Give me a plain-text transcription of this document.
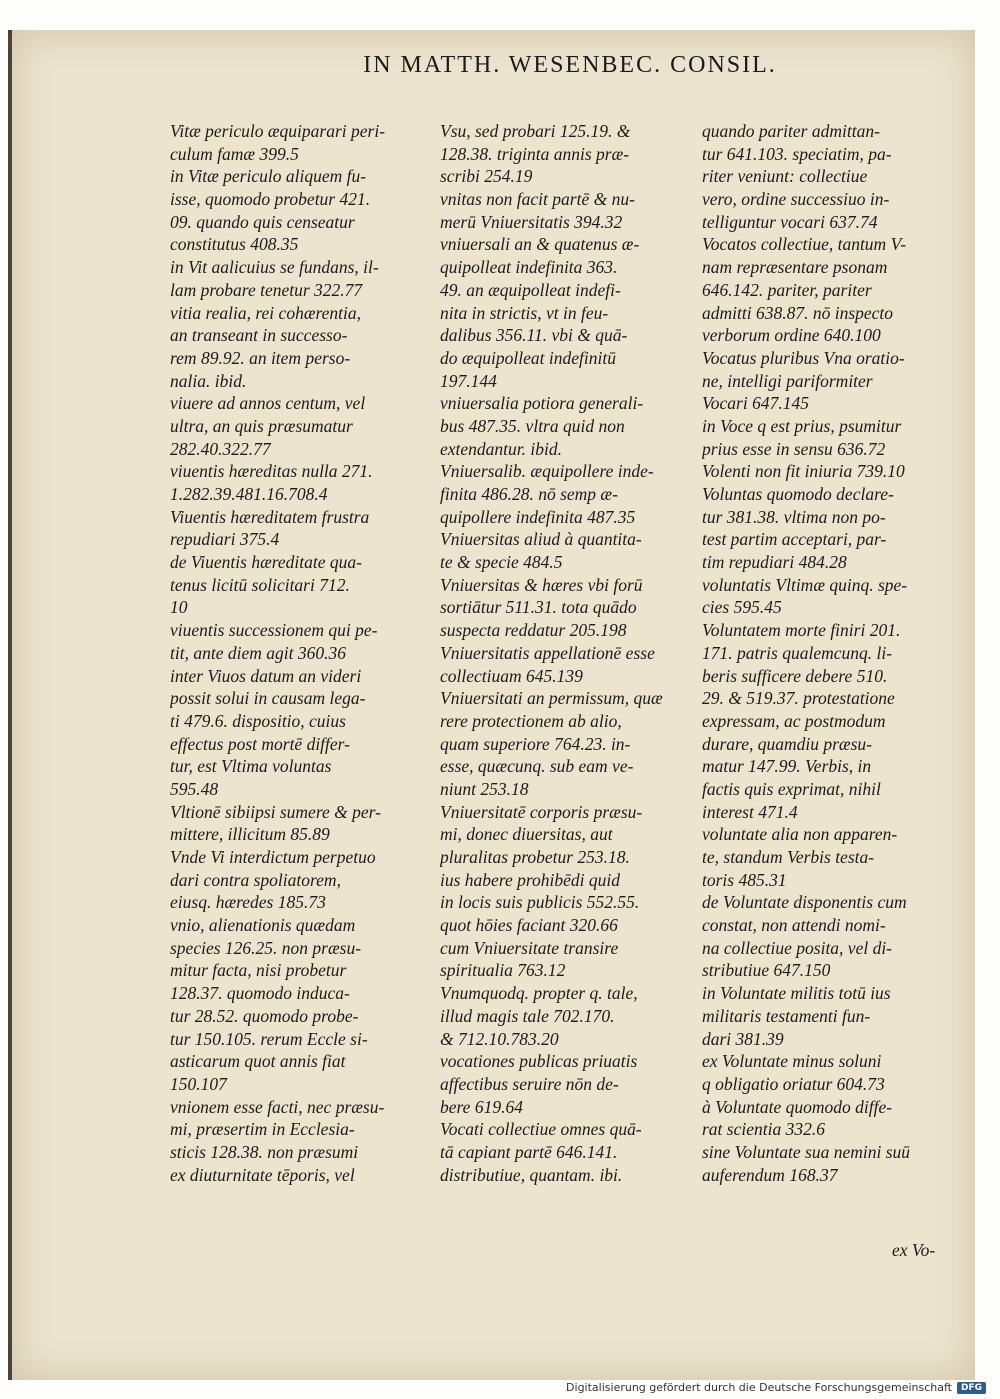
IN MATTH. WESENBEC. CONSIL.
Vitæ periculo æquiparari peri-
culum famæ 399.5
in Vitæ periculo aliquem fu-
isse, quomodo probetur 421.
09. quando quis censeatur
constitutus 408.35
in Vit aalicuius se fundans, il-
lam probare tenetur 322.77
vitia realia, rei cohærentia,
an transeant in successo-
rem 89.92. an item perso-
nalia. ibid.
viuere ad annos centum, vel
ultra, an quis præsumatur
282.40.322.77
viuentis hæreditas nulla 271.
1.282.39.481.16.708.4
Viuentis hæreditatem frustra
repudiari 375.4
de Viuentis hæreditate qua-
tenus licitū solicitari 712.
10
viuentis successionem qui pe-
tit, ante diem agit 360.36
inter Viuos datum an videri
possit solui in causam lega-
ti 479.6. dispositio, cuius
effectus post mortē differ-
tur, est Vltima voluntas
595.48
Vltionē sibiipsi sumere & per-
mittere, illicitum 85.89
Vnde Vi interdictum perpetuo
dari contra spoliatorem,
eiusq. hæredes 185.73
vnio, alienationis quædam
species 126.25. non præsu-
mitur facta, nisi probetur
128.37. quomodo induca-
tur 28.52. quomodo probe-
tur 150.105. rerum Eccle si-
asticarum quot annis fiat
150.107
vnionem esse facti, nec præsu-
mi, præsertim in Ecclesia-
sticis 128.38. non præsumi
ex diuturnitate tēporis, vel
Vsu, sed probari 125.19. &
128.38. triginta annis præ-
scribi 254.19
vnitas non facit partē & nu-
merū Vniuersitatis 394.32
vniuersali an & quatenus æ-
quipolleat indefinita 363.
49. an æquipolleat indefi-
nita in strictis, vt in feu-
dalibus 356.11. vbi & quā-
do æquipolleat indefinitū
197.144
vniuersalia potiora generali-
bus 487.35. vltra quid non
extendantur. ibid.
Vniuersalib. æquipollere inde-
finita 486.28. nō semp æ-
quipollere indefinita 487.35
Vniuersitas aliud à quantita-
te & specie 484.5
Vniuersitas & hæres vbi forū
sortiātur 511.31. tota quādo
suspecta reddatur 205.198
Vniuersitatis appellationē esse
collectiuam 645.139
Vniuersitati an permissum, quæ
rere protectionem ab alio,
quam superiore 764.23. in-
esse, quæcunq. sub eam ve-
niunt 253.18
Vniuersitatē corporis præsu-
mi, donec diuersitas, aut
pluralitas probetur 253.18.
ius habere prohibēdi quid
in locis suis publicis 552.55.
quot hōies faciant 320.66
cum Vniuersitate transire
spiritualia 763.12
Vnumquodq. propter q. tale,
illud magis tale 702.170.
& 712.10.783.20
vocationes publicas priuatis
affectibus seruire nōn de-
bere 619.64
Vocati collectiue omnes quā-
tā capiant partē 646.141.
distributiue, quantam. ibi.
quando pariter admittan-
tur 641.103. speciatim, pa-
riter veniunt: collectiue
vero, ordine successiuo in-
telliguntur vocari 637.74
Vocatos collectiue, tantum V-
nam repræsentare psonam
646.142. pariter, pariter
admitti 638.87. nō inspecto
verborum ordine 640.100
Vocatus pluribus Vna oratio-
ne, intelligi pariformiter
Vocari 647.145
in Voce q est prius, psumitur
prius esse in sensu 636.72
Volenti non fit iniuria 739.10
Voluntas quomodo declare-
tur 381.38. vltima non po-
test partim acceptari, par-
tim repudiari 484.28
voluntatis Vltimæ quinq. spe-
cies 595.45
Voluntatem morte finiri 201.
171. patris qualemcunq. li-
beris sufficere debere 510.
29. & 519.37. protestatione
expressam, ac postmodum
durare, quamdiu præsu-
matur 147.99. Verbis, in
factis quis exprimat, nihil
interest 471.4
voluntate alia non apparen-
te, standum Verbis testa-
toris 485.31
de Voluntate disponentis cum
constat, non attendi nomi-
na collectiue posita, vel di-
stributiue 647.150
in Voluntate militis totū ius
militaris testamenti fun-
dari 381.39
ex Voluntate minus soluni
q obligatio oriatur 604.73
à Voluntate quomodo diffe-
rat scientia 332.6
sine Voluntate sua nemini suū
auferendum 168.37
ex Vo-
Digitalisierung gefördert durch die Deutsche Forschungsgemeinschaft	DFG
